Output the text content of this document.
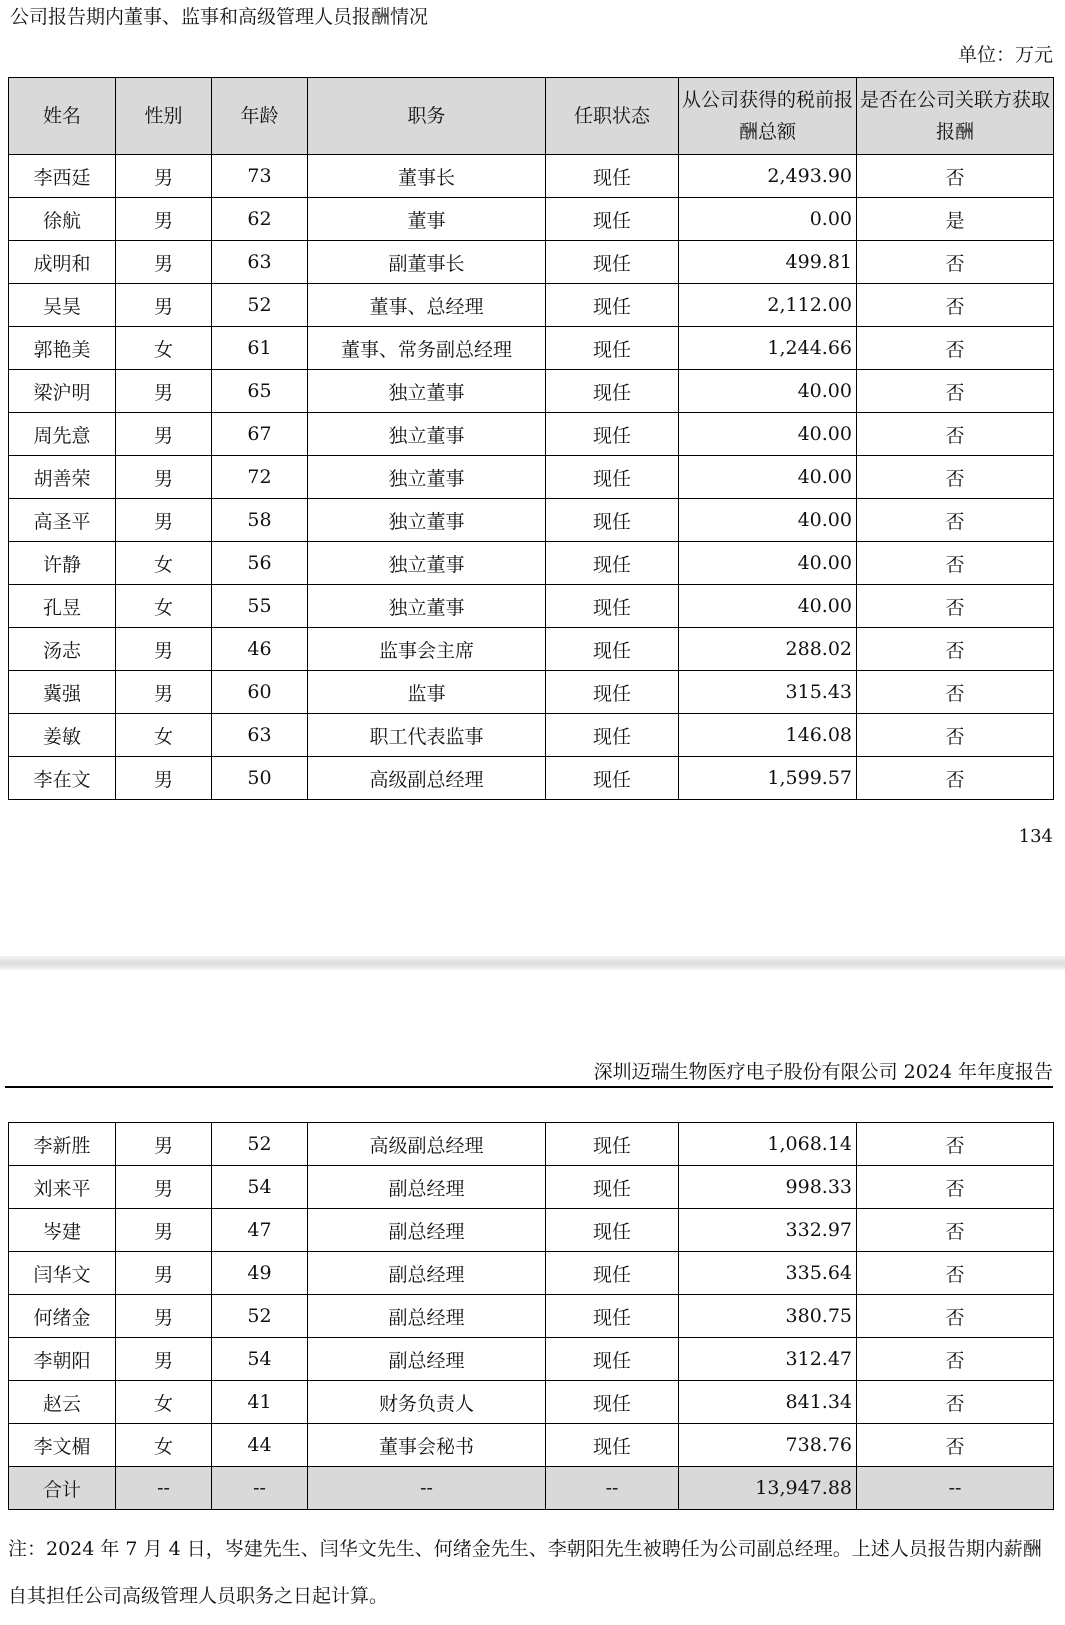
公司报告期内董事、监事和高级管理人员报酬情况
单位：万元
姓名	性别	年龄	职务	任职状态	从公司获得的税前报酬总额	是否在公司关联方获取报酬
李西廷	男	73	董事长	现任	2,493.90	否
徐航	男	62	董事	现任	0.00	是
成明和	男	63	副董事长	现任	499.81	否
吴昊	男	52	董事、总经理	现任	2,112.00	否
郭艳美	女	61	董事、常务副总经理	现任	1,244.66	否
梁沪明	男	65	独立董事	现任	40.00	否
周先意	男	67	独立董事	现任	40.00	否
胡善荣	男	72	独立董事	现任	40.00	否
高圣平	男	58	独立董事	现任	40.00	否
许静	女	56	独立董事	现任	40.00	否
孔昱	女	55	独立董事	现任	40.00	否
汤志	男	46	监事会主席	现任	288.02	否
冀强	男	60	监事	现任	315.43	否
姜敏	女	63	职工代表监事	现任	146.08	否
李在文	男	50	高级副总经理	现任	1,599.57	否
134
深圳迈瑞生物医疗电子股份有限公司 2024 年年度报告
李新胜	男	52	高级副总经理	现任	1,068.14	否
刘来平	男	54	副总经理	现任	998.33	否
岑建	男	47	副总经理	现任	332.97	否
闫华文	男	49	副总经理	现任	335.64	否
何绪金	男	52	副总经理	现任	380.75	否
李朝阳	男	54	副总经理	现任	312.47	否
赵云	女	41	财务负责人	现任	841.34	否
李文楣	女	44	董事会秘书	现任	738.76	否
合计	--	--	--	--	13,947.88	--
注：2024 年 7 月 4 日，岑建先生、闫华文先生、何绪金先生、李朝阳先生被聘任为公司副总经理。上述人员报告期内薪酬自其担任公司高级管理人员职务之日起计算。
